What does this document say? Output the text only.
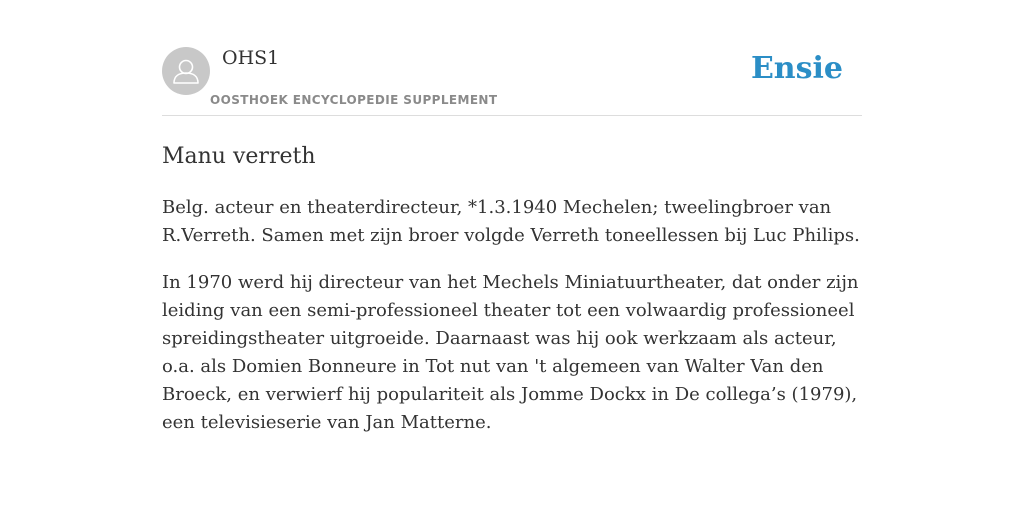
OHS1
OOSTHOEK ENCYCLOPEDIE SUPPLEMENT
Ensie
Manu verreth

Belg. acteur en theaterdirecteur, *1.3.1940 Mechelen; tweelingbroer van R.Verreth. Samen met zijn broer volgde Verreth toneellessen bij Luc Philips.

In 1970 werd hij directeur van het Mechels Miniatuurtheater, dat onder zijn leiding van een semi-professioneel theater tot een volwaardig professioneel spreidingstheater uitgroeide. Daarnaast was hij ook werkzaam als acteur, o.a. als Domien Bonneure in Tot nut van 't algemeen van Walter Van den Broeck, en verwierf hij populariteit als Jomme Dockx in De collega’s (1979), een televisieserie van Jan Matterne.
